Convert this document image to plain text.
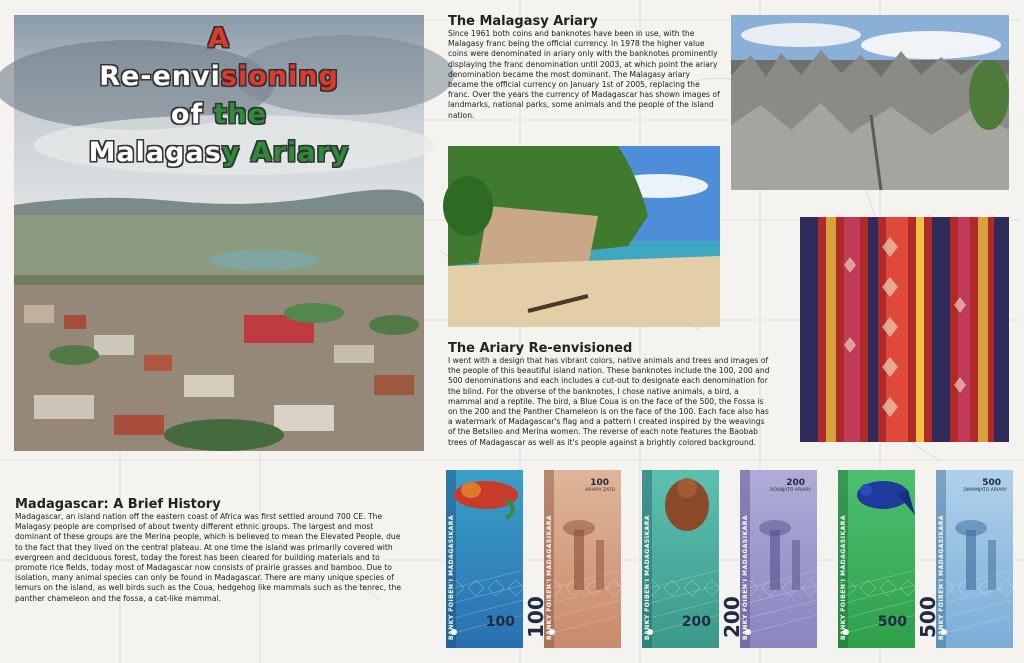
A
Re-envisioning
of the
Malagasy Ariary
The Malagasy Ariary

Since 1961 both coins and banknotes have been in use, with the Malagasy franc being the official currency. In 1978 the higher value coins were denominated in ariary only with the banknotes prominently displaying the franc denomination until 2003, at which point the ariary denomination became the most dominant. The Malagasy ariary became the official currency on January 1st of 2005, replacing the franc. Over the years the currency of Madagascar has shown images of landmarks, national parks, some animals and the people of the island nation.

The Ariary Re-envisioned

I went with a design that has vibrant colors, native animals and trees and images of the people of this beautiful island nation. These banknotes include the 100, 200 and 500 denominations and each includes a cut-out to designate each denomination for the blind. For the obverse of the banknotes, I chose native animals, a bird, a mammal and a reptile. The bird, a Blue Coua is on the face of the 500, the Fossa is on the 200 and the Panther Chameleon is on the face of the 100. Each face also has a watermark of Madagascar's flag and a pattern I created inspired by the weavings of the Betsileo and Merina women. The reverse of each note features the Baobab trees of Madagascar as well as it's people against a brightly colored background.

Madagascar: A Brief History

Madagascar, an island nation off the eastern coast of Africa was first settled around 700 CE. The Malagasy people are comprised of about twenty different ethnic groups. The largest and most dominant of these groups are the Merina people, which is believed to mean the Elevated People, due to the fact that they lived on the central plateau. At one time the island was primarily covered with evergreen and deciduous forest, today the forest has been cleared for building materials and to promote rice fields, today most of Madagascar now consists of prairie grasses and bamboo. Due to isolation, many animal species can only be found in Madagascar. There are many unique species of lemurs on the island, as well birds such as the Coua, hedgehog like mammals such as the tenrec, the panther chameleon and the fossa, a cat-like mammal.	BANKY FOIBEN'I MADAGASIKARA 100	BANKY FOIBEN'I MADAGASIKARA
100
ARIARY ZATO
100	BANKY FOIBEN'I MADAGASIKARA 200	BANKY FOIBEN'I MADAGASIKARA
200
ROANJATO ARIARY
200	BANKY FOIBEN'I MADAGASIKARA 500	BANKY FOIBEN'I MADAGASIKARA
500
DIMAMJATO ARIARY
500
